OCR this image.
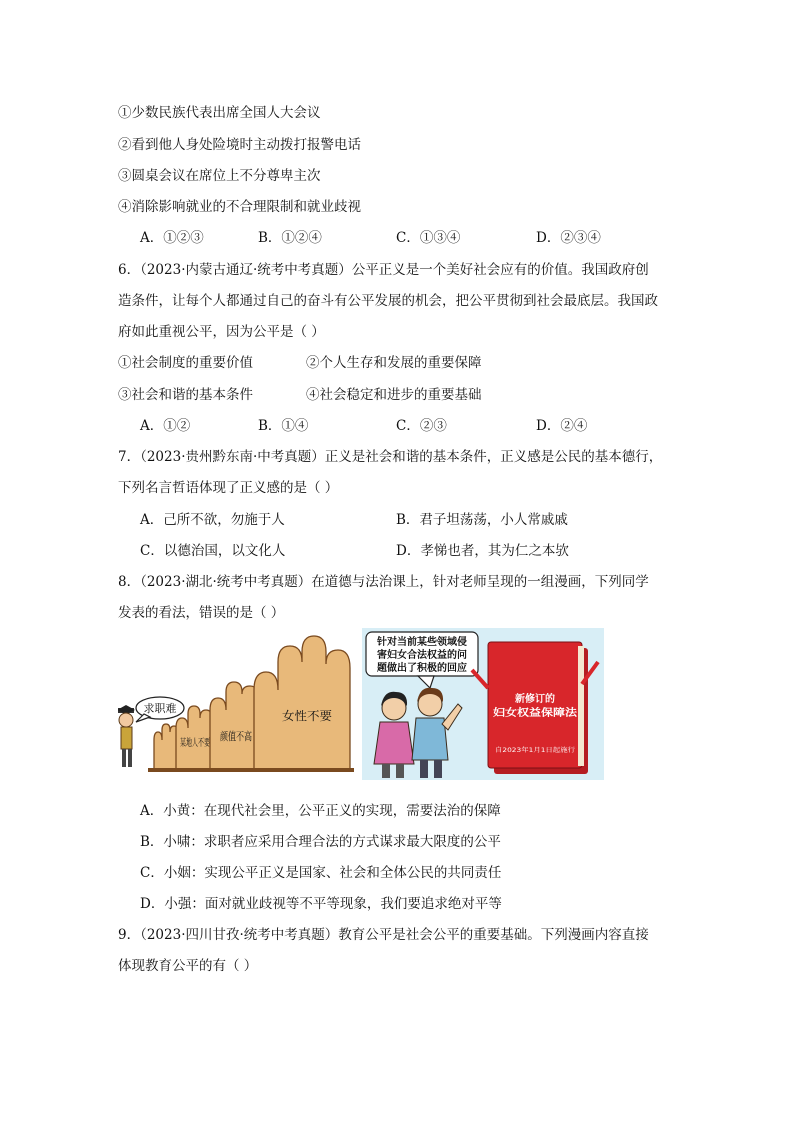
①少数民族代表出席全国人大会议
②看到他人身处险境时主动拨打报警电话
③圆桌会议在席位上不分尊卑主次
④消除影响就业的不合理限制和就业歧视
A．①②③	B．①②④	C．①③④	D．②③④
6．（2023·内蒙古通辽·统考中考真题）公平正义是一个美好社会应有的价值。我国政府创
造条件，让每个人都通过自己的奋斗有公平发展的机会，把公平贯彻到社会最底层。我国政
府如此重视公平，因为公平是（ ）
①社会制度的重要价值	②个人生存和发展的重要保障
③社会和谐的基本条件	④社会稳定和进步的重要基础
A．①②	B．①④	C．②③	D．②④
7．（2023·贵州黔东南·中考真题）正义是社会和谐的基本条件，正义感是公民的基本德行，
下列名言哲语体现了正义感的是（ ）
A．己所不欲，勿施于人	B．君子坦荡荡，小人常戚戚
C．以德治国，以文化人	D．孝悌也者，其为仁之本欤
8．（2023·湖北·统考中考真题）在道德与法治课上，针对老师呈现的一组漫画，下列同学
发表的看法，错误的是（ ）
求职难
某地人不要
颜值不高
女性不要
针对当前某些领域侵
害妇女合法权益的问
题做出了积极的回应
新修订的
妇女权益保障法
自2023年1月1日起施行
A．小黄：在现代社会里，公平正义的实现，需要法治的保障
B．小啸：求职者应采用合理合法的方式谋求最大限度的公平
C．小姻：实现公平正义是国家、社会和全体公民的共同责任
D．小强：面对就业歧视等不平等现象，我们要追求绝对平等
9．（2023·四川甘孜·统考中考真题）教育公平是社会公平的重要基础。下列漫画内容直接
体现教育公平的有（ ）
